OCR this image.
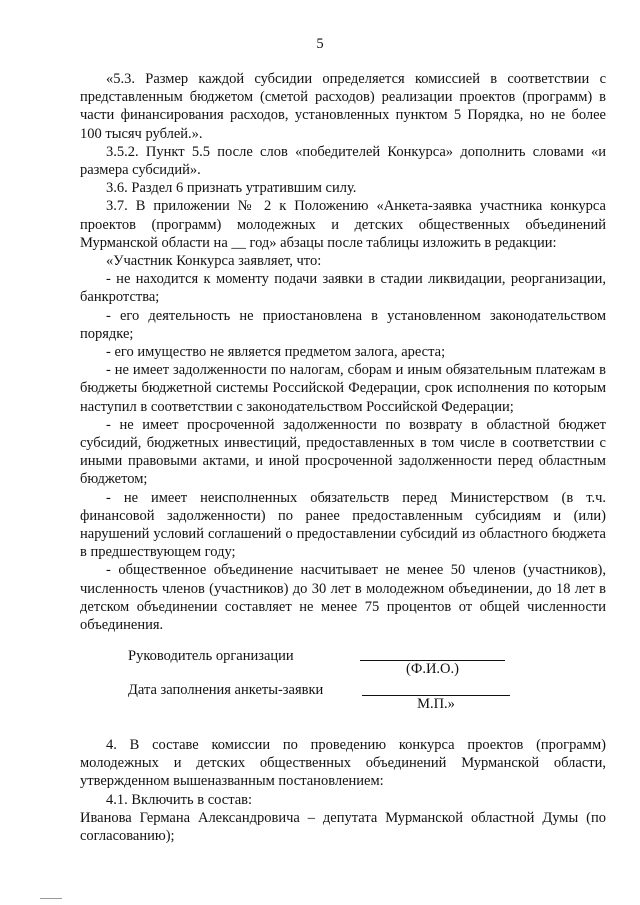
5

«5.3. Размер каждой субсидии определяется комиссией в соответствии с представленным бюджетом (сметой расходов) реализации проектов (программ) в части финансирования расходов, установленных пунктом 5 Порядка, но не более 100 тысяч рублей.».

3.5.2. Пункт 5.5 после слов «победителей Конкурса» дополнить словами «и размера субсидий».

3.6. Раздел 6 признать утратившим силу.

3.7. В приложении № 2 к Положению «Анкета-заявка участника конкурса проектов (программ) молодежных и детских общественных объединений Мурманской области на __ год» абзацы после таблицы изложить в редакции:

«Участник Конкурса заявляет, что:

- не находится к моменту подачи заявки в стадии ликвидации, реорганизации, банкротства;

- его деятельность не приостановлена в установленном законодательством порядке;

- его имущество не является предметом залога, ареста;

- не имеет задолженности по налогам, сборам и иным обязательным платежам в бюджеты бюджетной системы Российской Федерации, срок исполнения по которым наступил в соответствии с законодательством Российской Федерации;

- не имеет просроченной задолженности по возврату в областной бюджет субсидий, бюджетных инвестиций, предоставленных в том числе в соответствии с иными правовыми актами, и иной просроченной задолженности перед областным бюджетом;

- не имеет неисполненных обязательств перед Министерством (в т.ч. финансовой задолженности) по ранее предоставленным субсидиям и (или) нарушений условий соглашений о предоставлении субсидий из областного бюджета в предшествующем году;

- общественное объединение насчитывает не менее 50 членов (участников), численность членов (участников) до 30 лет в молодежном объединении, до 18 лет в детском объединении составляет не менее 75 процентов от общей численности объединения.

Руководитель организации
(Ф.И.О.)
Дата заполнения анкеты-заявки
М.П.»

4. В составе комиссии по проведению конкурса проектов (программ) молодежных и детских общественных объединений Мурманской области, утвержденном вышеназванным постановлением:

4.1. Включить в состав:

Иванова Германа Александровича – депутата Мурманской областной Думы (по согласованию);
